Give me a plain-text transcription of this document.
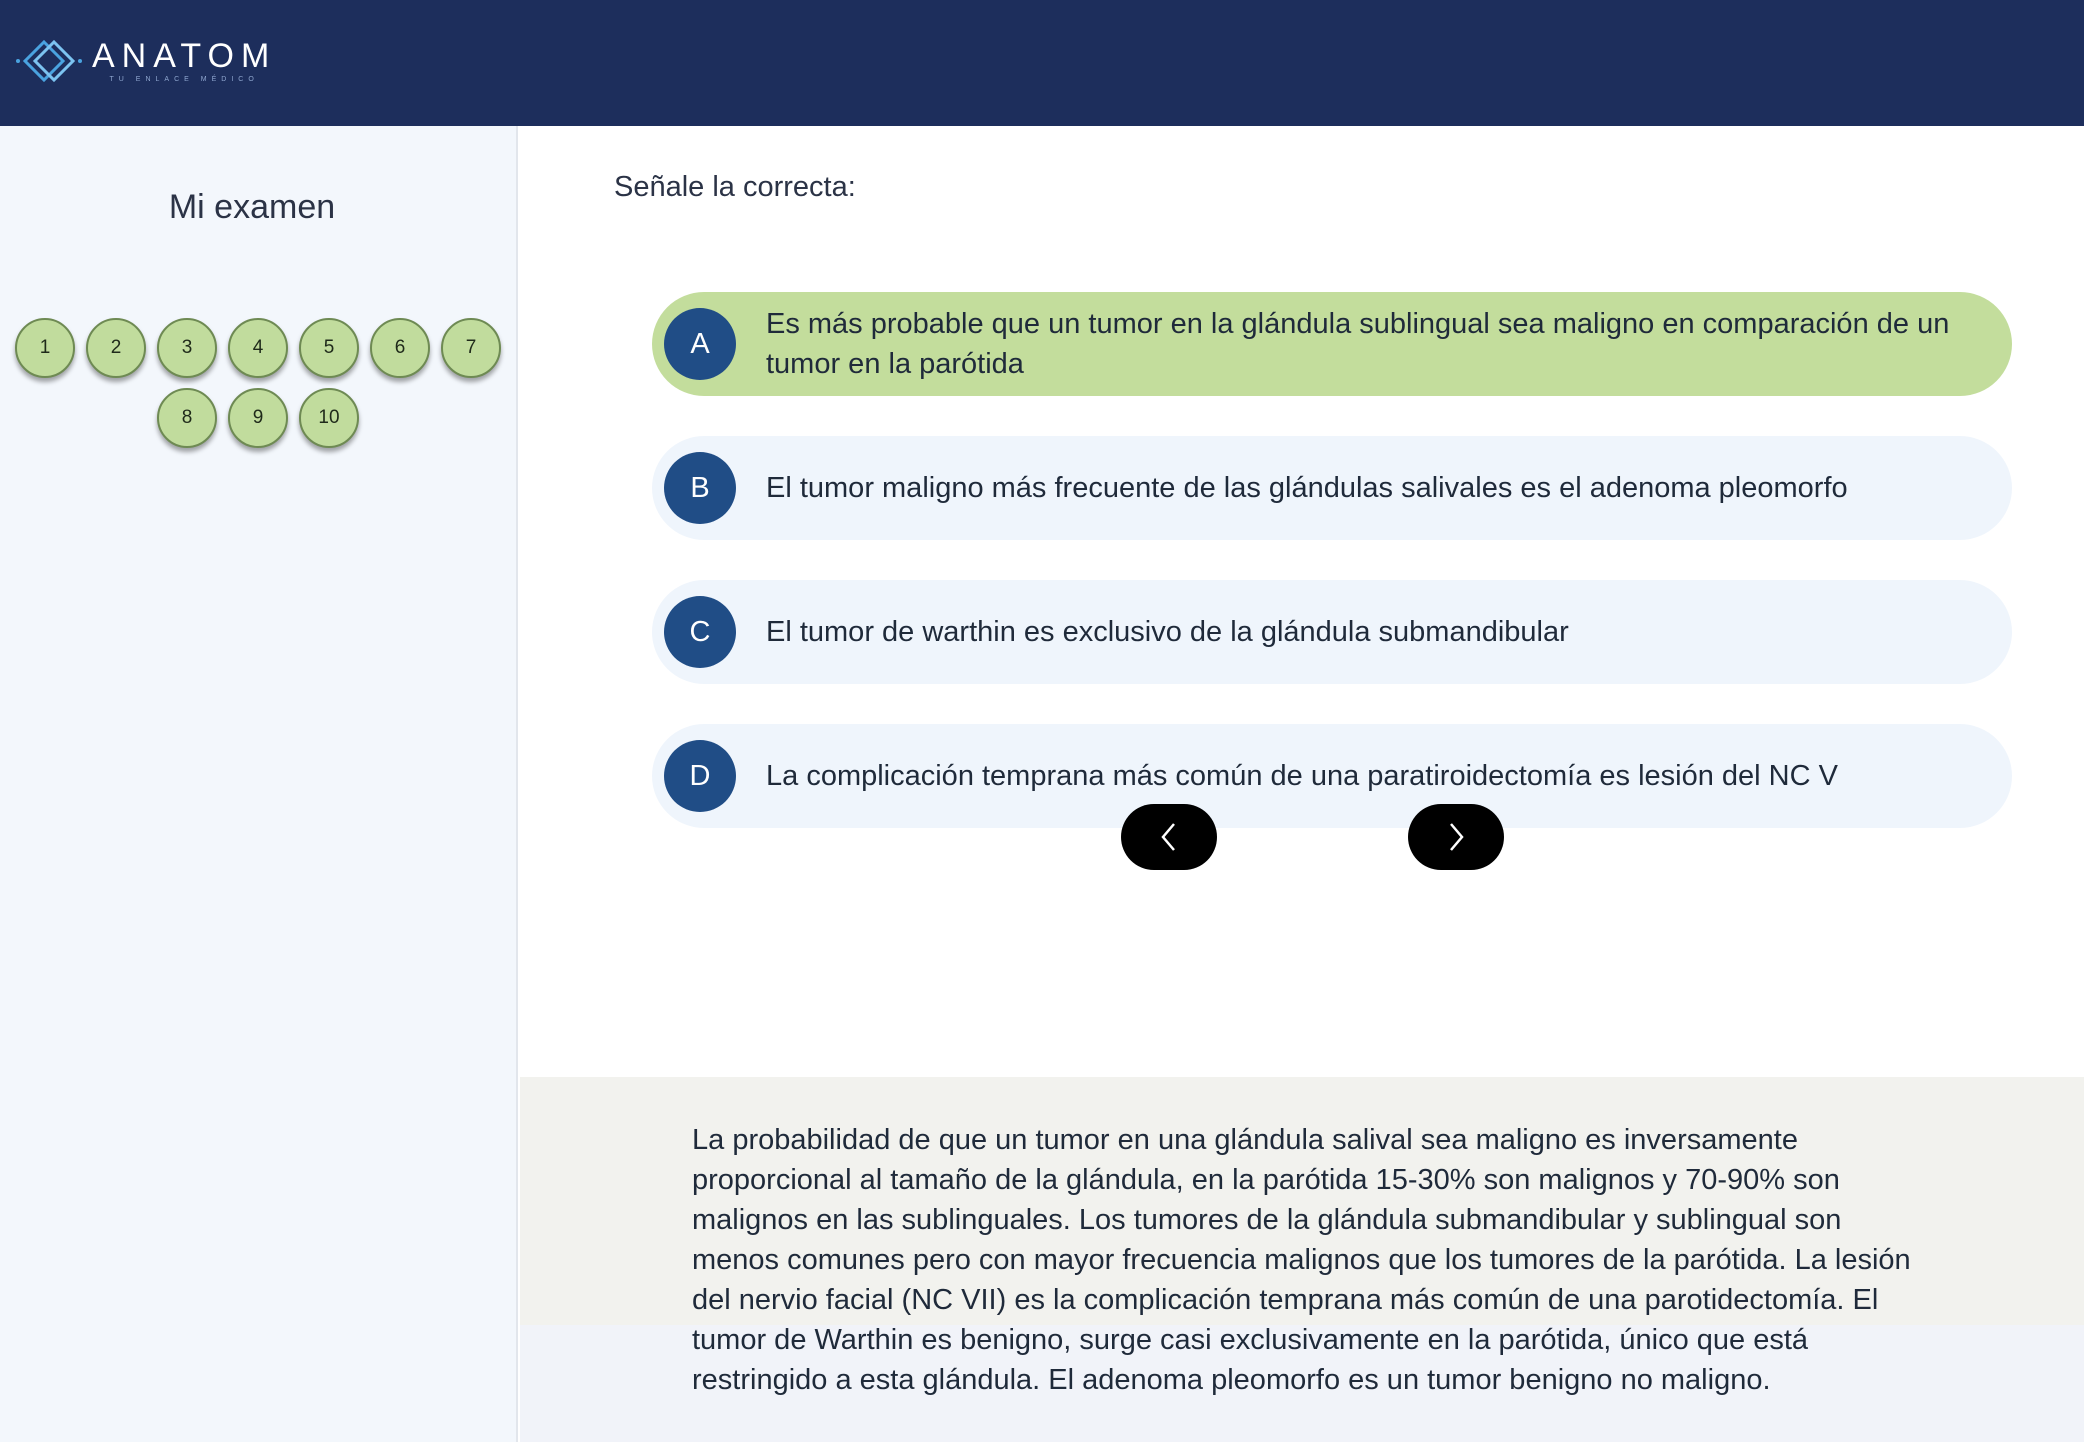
ANATOM
TU ENLACE MÉDICO
Mi examen
1	2	3	4	5	6	7
8	9	10
Señale la correcta:
A
Es más probable que un tumor en la glándula sublingual sea maligno en comparación de un tumor en la parótida
B	El tumor maligno más frecuente de las glándulas salivales es el adenoma pleomorfo
C	El tumor de warthin es exclusivo de la glándula submandibular
D	La complicación temprana más común de una paratiroidectomía es lesión del NC V
La probabilidad de que un tumor en una glándula salival sea maligno es inversamente proporcional al tamaño de la glándula, en la parótida 15-30% son malignos y 70-90% son malignos en las sublinguales. Los tumores de la glándula submandibular y sublingual son menos comunes pero con mayor frecuencia malignos que los tumores de la parótida. La lesión del nervio facial (NC VII) es la complicación temprana más común de una parotidectomía. El tumor de Warthin es benigno, surge casi exclusivamente en la parótida, único que está restringido a esta glándula. El adenoma pleomorfo es un tumor benigno no maligno.
